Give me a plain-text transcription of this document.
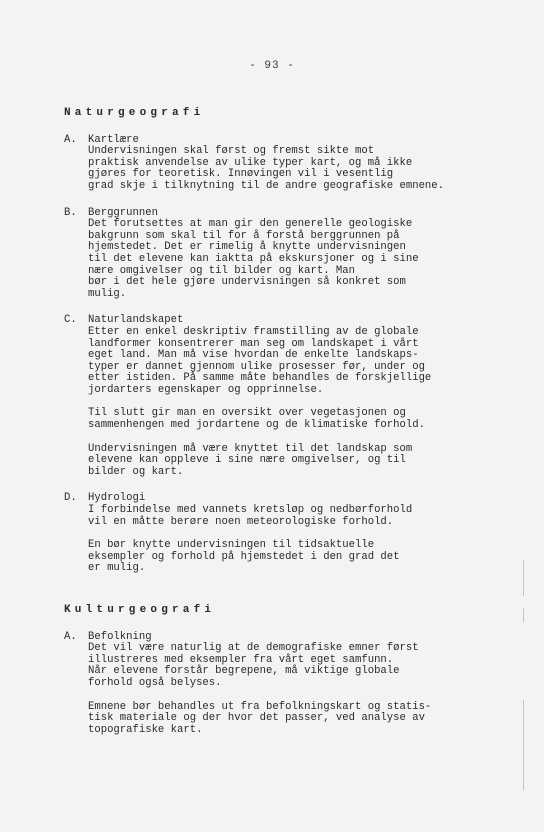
- 93 -
Naturgeografi
A.	Kartlære

Undervisningen skal først og fremst sikte mot
praktisk anvendelse av ulike typer kart, og må ikke
gjøres for teoretisk. Innøvingen vil i vesentlig
grad skje i tilknytning til de andre geografiske emnene.

B.	Berggrunnen

Det forutsettes at man gir den generelle geologiske
bakgrunn som skal til for å forstå berggrunnen på
hjemstedet. Det er rimelig å knytte undervisningen
til det elevene kan iaktta på ekskursjoner og i sine
nære omgivelser og til bilder og kart. Man
bør i det hele gjøre undervisningen så konkret som
mulig.

C.	Naturlandskapet

Etter en enkel deskriptiv framstilling av de globale
landformer konsentrerer man seg om landskapet i vårt
eget land. Man må vise hvordan de enkelte landskaps-
typer er dannet gjennom ulike prosesser før, under og
etter istiden. På samme måte behandles de forskjellige
jordarters egenskaper og opprinnelse.

Til slutt gir man en oversikt over vegetasjonen og
sammenhengen med jordartene og de klimatiske forhold.

Undervisningen må være knyttet til det landskap som
elevene kan oppleve i sine nære omgivelser, og til
bilder og kart.

D.	Hydrologi

I forbindelse med vannets kretsløp og nedbørforhold
vil en måtte berøre noen meteorologiske forhold.

En bør knytte undervisningen til tidsaktuelle
eksempler og forhold på hjemstedet i den grad det
er mulig.

Kulturgeografi
A.	Befolkning

Det vil være naturlig at de demografiske emner først
illustreres med eksempler fra vårt eget samfunn.
Når elevene forstår begrepene, må viktige globale
forhold også belyses.

Emnene bør behandles ut fra befolkningskart og statis-
tisk materiale og der hvor det passer, ved analyse av
topografiske kart.
